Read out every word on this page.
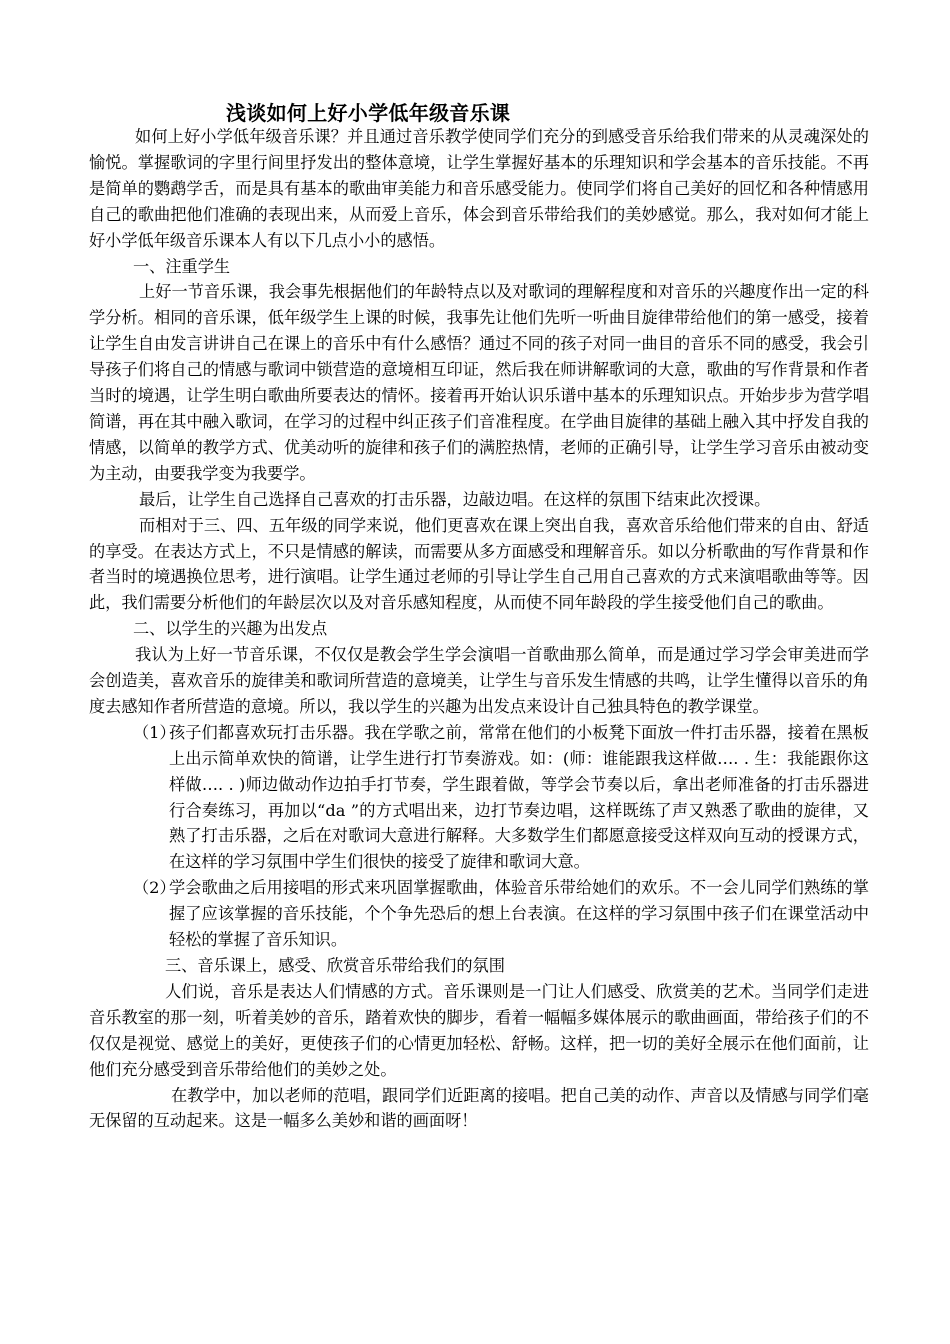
浅谈如何上好小学低年级音乐课

如何上好小学低年级音乐课？并且通过音乐教学使同学们充分的到感受音乐给我们带来的从灵魂深处的愉悦。掌握歌词的字里行间里抒发出的整体意境，让学生掌握好基本的乐理知识和学会基本的音乐技能。不再是简单的鹦鹉学舌，而是具有基本的歌曲审美能力和音乐感受能力。使同学们将自己美好的回忆和各种情感用自己的歌曲把他们准确的表现出来，从而爱上音乐，体会到音乐带给我们的美妙感觉。那么，我对如何才能上好小学低年级音乐课本人有以下几点小小的感悟。

一、注重学生

上好一节音乐课，我会事先根据他们的年龄特点以及对歌词的理解程度和对音乐的兴趣度作出一定的科学分析。相同的音乐课，低年级学生上课的时候，我事先让他们先听一听曲目旋律带给他们的第一感受，接着让学生自由发言讲讲自己在课上的音乐中有什么感悟？通过不同的孩子对同一曲目的音乐不同的感受，我会引导孩子们将自己的情感与歌词中锁营造的意境相互印证，然后我在师讲解歌词的大意，歌曲的写作背景和作者当时的境遇，让学生明白歌曲所要表达的情怀。接着再开始认识乐谱中基本的乐理知识点。开始步步为营学唱简谱，再在其中融入歌词，在学习的过程中纠正孩子们音准程度。在学曲目旋律的基础上融入其中抒发自我的情感，以简单的教学方式、优美动听的旋律和孩子们的满腔热情，老师的正确引导，让学生学习音乐由被动变为主动，由要我学变为我要学。

最后，让学生自己选择自己喜欢的打击乐器，边敲边唱。在这样的氛围下结束此次授课。

而相对于三、四、五年级的同学来说，他们更喜欢在课上突出自我，喜欢音乐给他们带来的自由、舒适的享受。在表达方式上，不只是情感的解读，而需要从多方面感受和理解音乐。如以分析歌曲的写作背景和作者当时的境遇换位思考，进行演唱。让学生通过老师的引导让学生自己用自己喜欢的方式来演唱歌曲等等。因此，我们需要分析他们的年龄层次以及对音乐感知程度，从而使不同年龄段的学生接受他们自己的歌曲。

二、以学生的兴趣为出发点

我认为上好一节音乐课，不仅仅是教会学生学会演唱一首歌曲那么简单，而是通过学习学会审美进而学会创造美，喜欢音乐的旋律美和歌词所营造的意境美，让学生与音乐发生情感的共鸣，让学生懂得以音乐的角度去感知作者所营造的意境。所以，我以学生的兴趣为出发点来设计自己独具特色的教学课堂。

（1）
孩子们都喜欢玩打击乐器。我在学歌之前，常常在他们的小板凳下面放一件打击乐器，接着在黑板上出示简单欢快的简谱，让学生进行打节奏游戏。如：(师：谁能跟我这样做…. . 生：我能跟你这样做…. . )师边做动作边拍手打节奏，学生跟着做，等学会节奏以后，拿出老师准备的打击乐器进行合奏练习，再加以“da ”的方式唱出来，边打节奏边唱，这样既练了声又熟悉了歌曲的旋律，又熟了打击乐器，之后在对歌词大意进行解释。大多数学生们都愿意接受这样双向互动的授课方式，在这样的学习氛围中学生们很快的接受了旋律和歌词大意。
（2）
学会歌曲之后用接唱的形式来巩固掌握歌曲，体验音乐带给她们的欢乐。不一会儿同学们熟练的掌握了应该掌握的音乐技能，个个争先恐后的想上台表演。在这样的学习氛围中孩子们在课堂活动中轻松的掌握了音乐知识。

三、音乐课上，感受、欣赏音乐带给我们的氛围

人们说，音乐是表达人们情感的方式。音乐课则是一门让人们感受、欣赏美的艺术。当同学们走进音乐教室的那一刻，听着美妙的音乐，踏着欢快的脚步，看着一幅幅多媒体展示的歌曲画面，带给孩子们的不仅仅是视觉、感觉上的美好，更使孩子们的心情更加轻松、舒畅。这样，把一切的美好全展示在他们面前，让他们充分感受到音乐带给他们的美妙之处。

在教学中，加以老师的范唱，跟同学们近距离的接唱。把自己美的动作、声音以及情感与同学们毫无保留的互动起来。这是一幅多么美妙和谐的画面呀！
